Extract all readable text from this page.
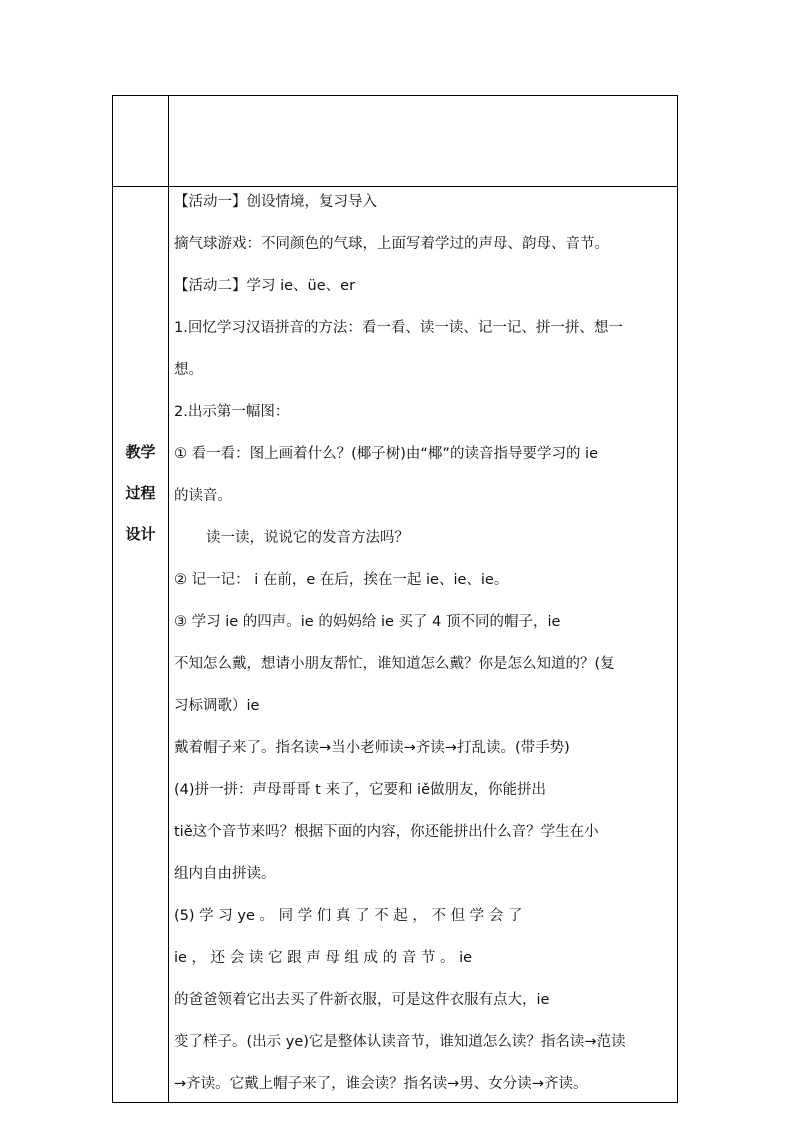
教学
过程
设计
【活动一】创设情境，复习导入
摘气球游戏：不同颜色的气球，上面写着学过的声母、韵母、音节。
【活动二】学习 ie、üe、er
1.回忆学习汉语拼音的方法：看一看、读一读、记一记、拼一拼、想一
想。
2.出示第一幅图：
① 看一看：图上画着什么？(椰子树)由“椰”的读音指导要学习的 ie
的读音。
读一读，说说它的发音方法吗？
② 记一记： i 在前，e 在后，挨在一起 ie、ie、ie。
③ 学习 ie 的四声。ie 的妈妈给 ie 买了 4 顶不同的帽子，ie
不知怎么戴，想请小朋友帮忙，谁知道怎么戴？你是怎么知道的？(复
习标调歌）ie
戴着帽子来了。指名读→当小老师读→齐读→打乱读。(带手势)
(4)拼一拼：声母哥哥 t 来了，它要和 iě做朋友，你能拼出
tiě这个音节来吗？根据下面的内容，你还能拼出什么音？学生在小
组内自由拼读。
(5) 学 习 ye 。 同 学 们 真 了 不 起 ， 不 但 学 会 了
ie ， 还 会 读 它 跟 声 母 组 成 的 音 节 。 ie
的爸爸领着它出去买了件新衣服，可是这件衣服有点大，ie
变了样子。(出示 ye)它是整体认读音节，谁知道怎么读？指名读→范读
→齐读。它戴上帽子来了，谁会读？指名读→男、女分读→齐读。
